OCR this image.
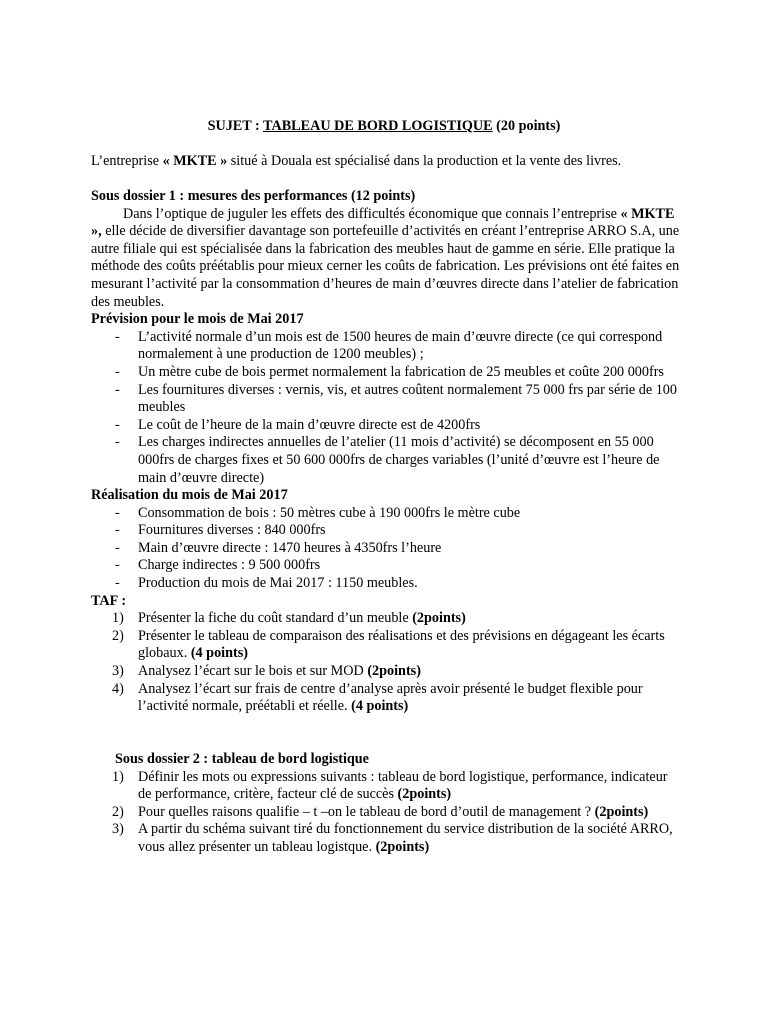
SUJET : TABLEAU DE BORD LOGISTIQUE (20 points)

L’entreprise « MKTE » situé à Douala est spécialisé dans la production et la vente des livres.

Sous dossier 1 : mesures des performances (12 points)

Dans l’optique de juguler les effets des difficultés économique que connais l’entreprise « MKTE », elle décide de diversifier davantage son portefeuille d’activités en créant l’entreprise ARRO S.A, une autre filiale qui est spécialisée dans la fabrication des meubles haut de gamme en série. Elle pratique la méthode des coûts préétablis pour mieux cerner les coûts de fabrication. Les prévisions ont été faites en mesurant l’activité par la consommation d’heures de main d’œuvres directe dans l’atelier de fabrication des meubles.

Prévision pour le mois de Mai 2017

- L’activité normale d’un mois est de 1500 heures de main d’œuvre directe (ce qui correspond normalement à une production de 1200 meubles) ;
- Un mètre cube de bois permet normalement la fabrication de 25 meubles et coûte 200 000frs
- Les fournitures diverses : vernis, vis, et autres coûtent normalement 75 000 frs par série de 100 meubles
- Le coût de l’heure de la main d’œuvre directe est de 4200frs
- Les charges indirectes annuelles de l’atelier (11 mois d’activité) se décomposent en 55 000 000frs de charges fixes et 50 600 000frs de charges variables (l’unité d’œuvre est l’heure de main d’œuvre directe)

Réalisation du mois de Mai 2017

- Consommation de bois : 50 mètres cube à 190 000frs le mètre cube
- Fournitures diverses : 840 000frs
- Main d’œuvre directe : 1470 heures à 4350frs l’heure
- Charge indirectes : 9 500 000frs
- Production du mois de Mai 2017 : 1150 meubles.

TAF :

1) Présenter la fiche du coût standard d’un meuble (2points)
2) Présenter le tableau de comparaison des réalisations et des prévisions en dégageant les écarts globaux. (4 points)
3) Analysez l’écart sur le bois et sur MOD (2points)
4) Analysez l’écart sur frais de centre d’analyse après avoir présenté le budget flexible pour l’activité normale, préétabli et réelle. (4 points)

Sous dossier 2 : tableau de bord logistique

1) Définir les mots ou expressions suivants : tableau de bord logistique, performance, indicateur de performance, critère, facteur clé de succès (2points)
2) Pour quelles raisons qualifie – t –on le tableau de bord d’outil de management ? (2points)
3) A partir du schéma suivant tiré du fonctionnement du service distribution de la société ARRO, vous allez présenter un tableau logistque. (2points)
